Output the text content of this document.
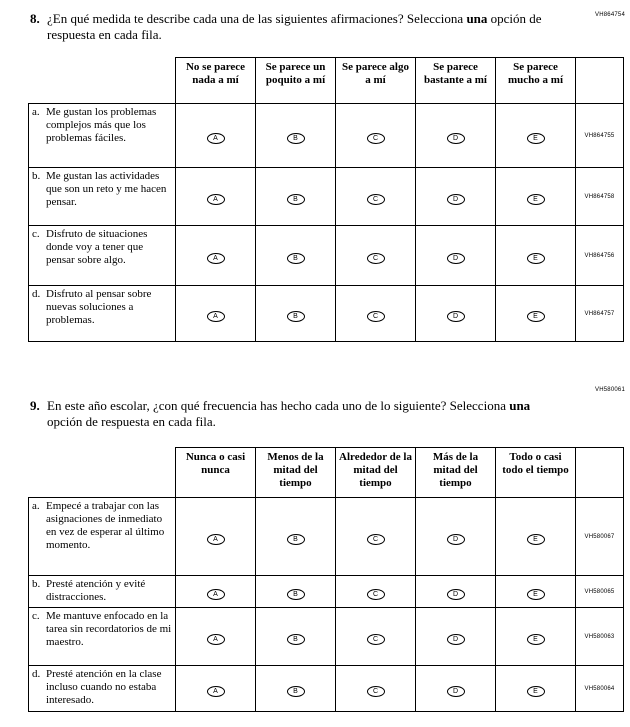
8. ¿En qué medida te describe cada una de las siguientes afirmaciones? Selecciona una opción de respuesta en cada fila.
VH864754
	No se parece nada a mí	Se parece un poquito a mí	Se parece algo a mí	Se parece bastante a mí	Se parece mucho a mí	

a. Me gustan los problemas complejos más que los problemas fáciles.	A	B	C	D	E	VH864755

b. Me gustan las actividades que son un reto y me hacen pensar.	A	B	C	D	E	VH864758

c. Disfruto de situaciones donde voy a tener que pensar sobre algo.	A	B	C	D	E	VH864756

d. Disfruto al pensar sobre nuevas soluciones a problemas.	A	B	C	D	E	VH864757
9. En este año escolar, ¿con qué frecuencia has hecho cada uno de lo siguiente? Selecciona una opción de respuesta en cada fila.
VH580061
	Nunca o casi nunca	Menos de la mitad del tiempo	Alrededor de la mitad del tiempo	Más de la mitad del tiempo	Todo o casi todo el tiempo	

a. Empecé a trabajar con las asignaciones de inmediato en vez de esperar al último momento.	A	B	C	D	E	VH580067

b. Presté atención y evité distracciones.	A	B	C	D	E	VH580065

c. Me mantuve enfocado en la tarea sin recordatorios de mi maestro.	A	B	C	D	E	VH580063

d. Presté atención en la clase incluso cuando no estaba interesado.	A	B	C	D	E	VH580064
